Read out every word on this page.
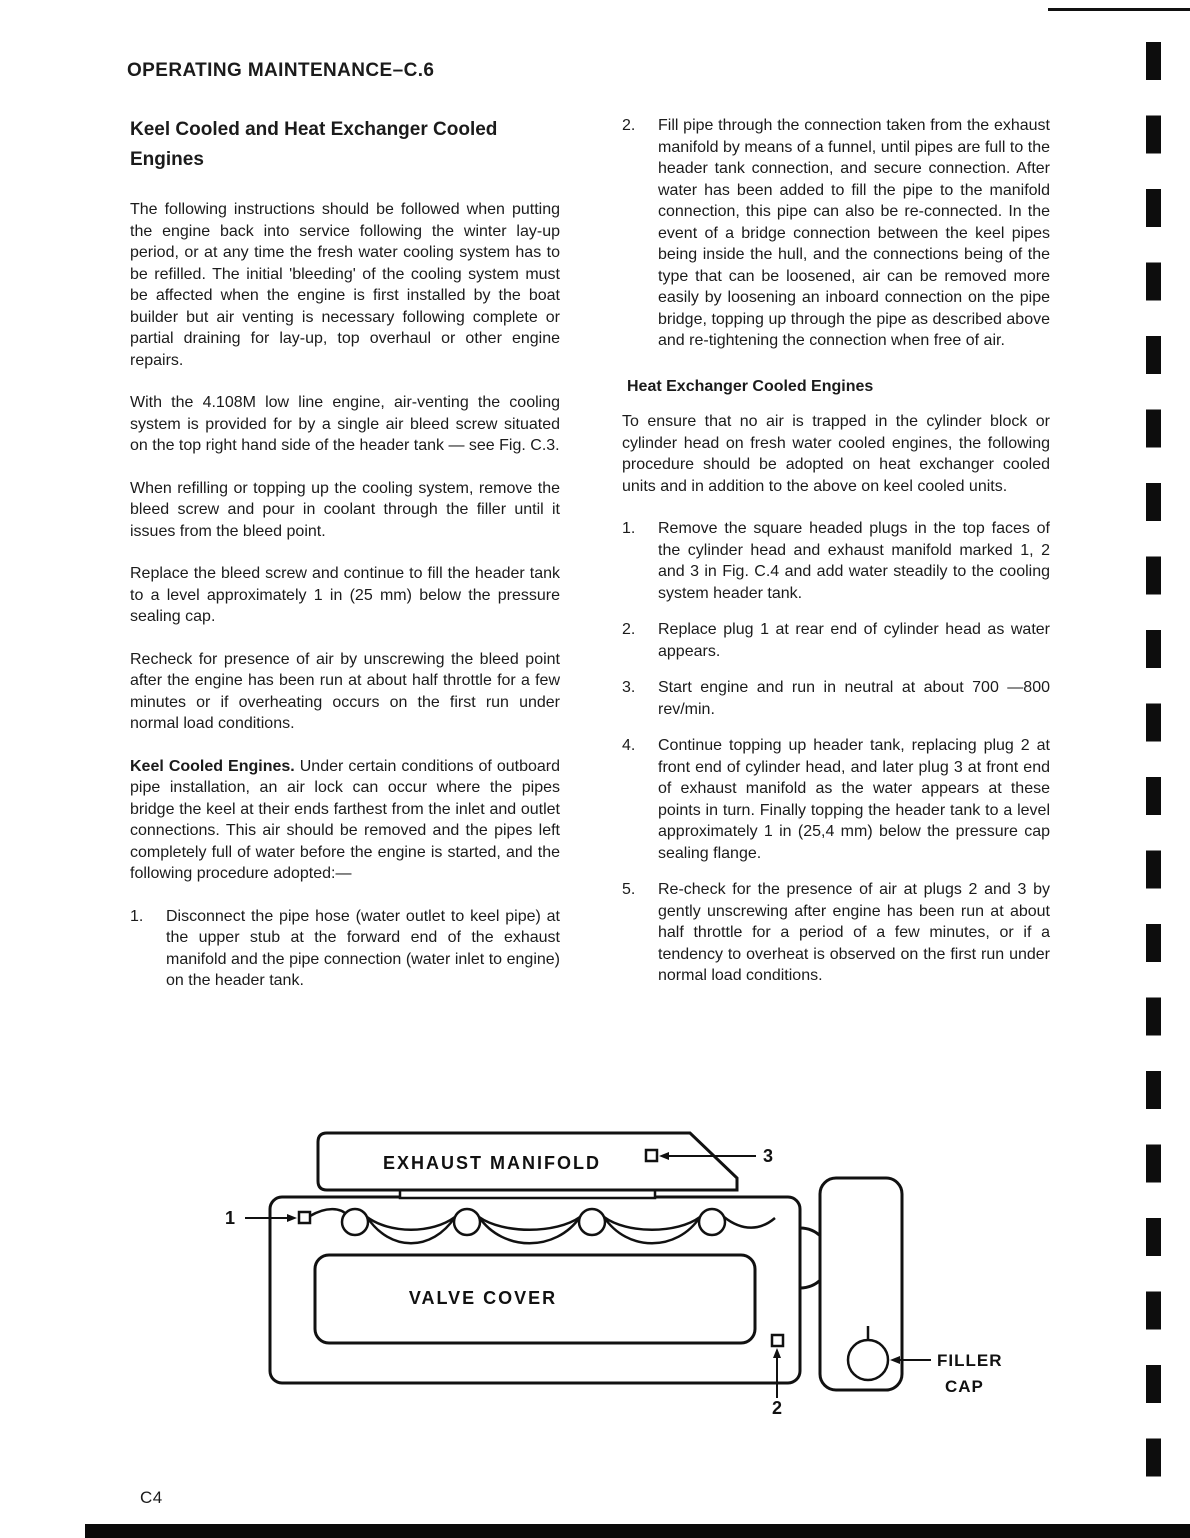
OPERATING MAINTENANCE–C.6
Keel Cooled and Heat Exchanger Cooled Engines

The following instructions should be followed when putting the engine back into service following the winter lay-up period, or at any time the fresh water cooling system has to be refilled. The initial 'bleeding' of the cooling system must be affected when the engine is first installed by the boat builder but air venting is necessary following complete or partial draining for lay-up, top overhaul or other engine repairs.

With the 4.108M low line engine, air-venting the cooling system is provided for by a single air bleed screw situated on the top right hand side of the header tank — see Fig. C.3.

When refilling or topping up the cooling system, remove the bleed screw and pour in coolant through the filler until it issues from the bleed point.

Replace the bleed screw and continue to fill the header tank to a level approximately 1 in (25 mm) below the pressure sealing cap.

Recheck for presence of air by unscrewing the bleed point after the engine has been run at about half throttle for a few minutes or if overheating occurs on the first run under normal load conditions.

Keel Cooled Engines. Under certain conditions of outboard pipe installation, an air lock can occur where the pipes bridge the keel at their ends farthest from the inlet and outlet connections. This air should be removed and the pipes left completely full of water before the engine is started, and the following procedure adopted:—

1.	Disconnect the pipe hose (water outlet to keel pipe) at the upper stub at the forward end of the exhaust manifold and the pipe connection (water inlet to engine) on the header tank.
2.	Fill pipe through the connection taken from the exhaust manifold by means of a funnel, until pipes are full to the header tank connection, and secure connection. After water has been added to fill the pipe to the manifold connection, this pipe can also be re-connected. In the event of a bridge connection between the keel pipes being inside the hull, and the connections being of the type that can be loosened, air can be removed more easily by loosening an inboard connection on the pipe bridge, topping up through the pipe as described above and re-tightening the connection when free of air.
Heat Exchanger Cooled Engines

To ensure that no air is trapped in the cylinder block or cylinder head on fresh water cooled engines, the following procedure should be adopted on heat exchanger cooled units and in addition to the above on keel cooled units.

1.	Remove the square headed plugs in the top faces of the cylinder head and exhaust manifold marked 1, 2 and 3 in Fig. C.4 and add water steadily to the cooling system header tank.
2.	Replace plug 1 at rear end of cylinder head as water appears.
3.	Start engine and run in neutral at about 700 —800 rev/min.
4.	Continue topping up header tank, replacing plug 2 at front end of cylinder head, and later plug 3 at front end of exhaust manifold as the water appears at these points in turn. Finally topping the header tank to a level approximately 1 in (25,4 mm) below the pressure cap sealing flange.
5.	Re-check for the presence of air at plugs 2 and 3 by gently unscrewing after engine has been run at about half throttle for a period of a few minutes, or if a tendency to overheat is observed on the first run under normal load conditions.
EXHAUST MANIFOLD
VALVE COVER
1
3
2
FILLER
CAP
C4
